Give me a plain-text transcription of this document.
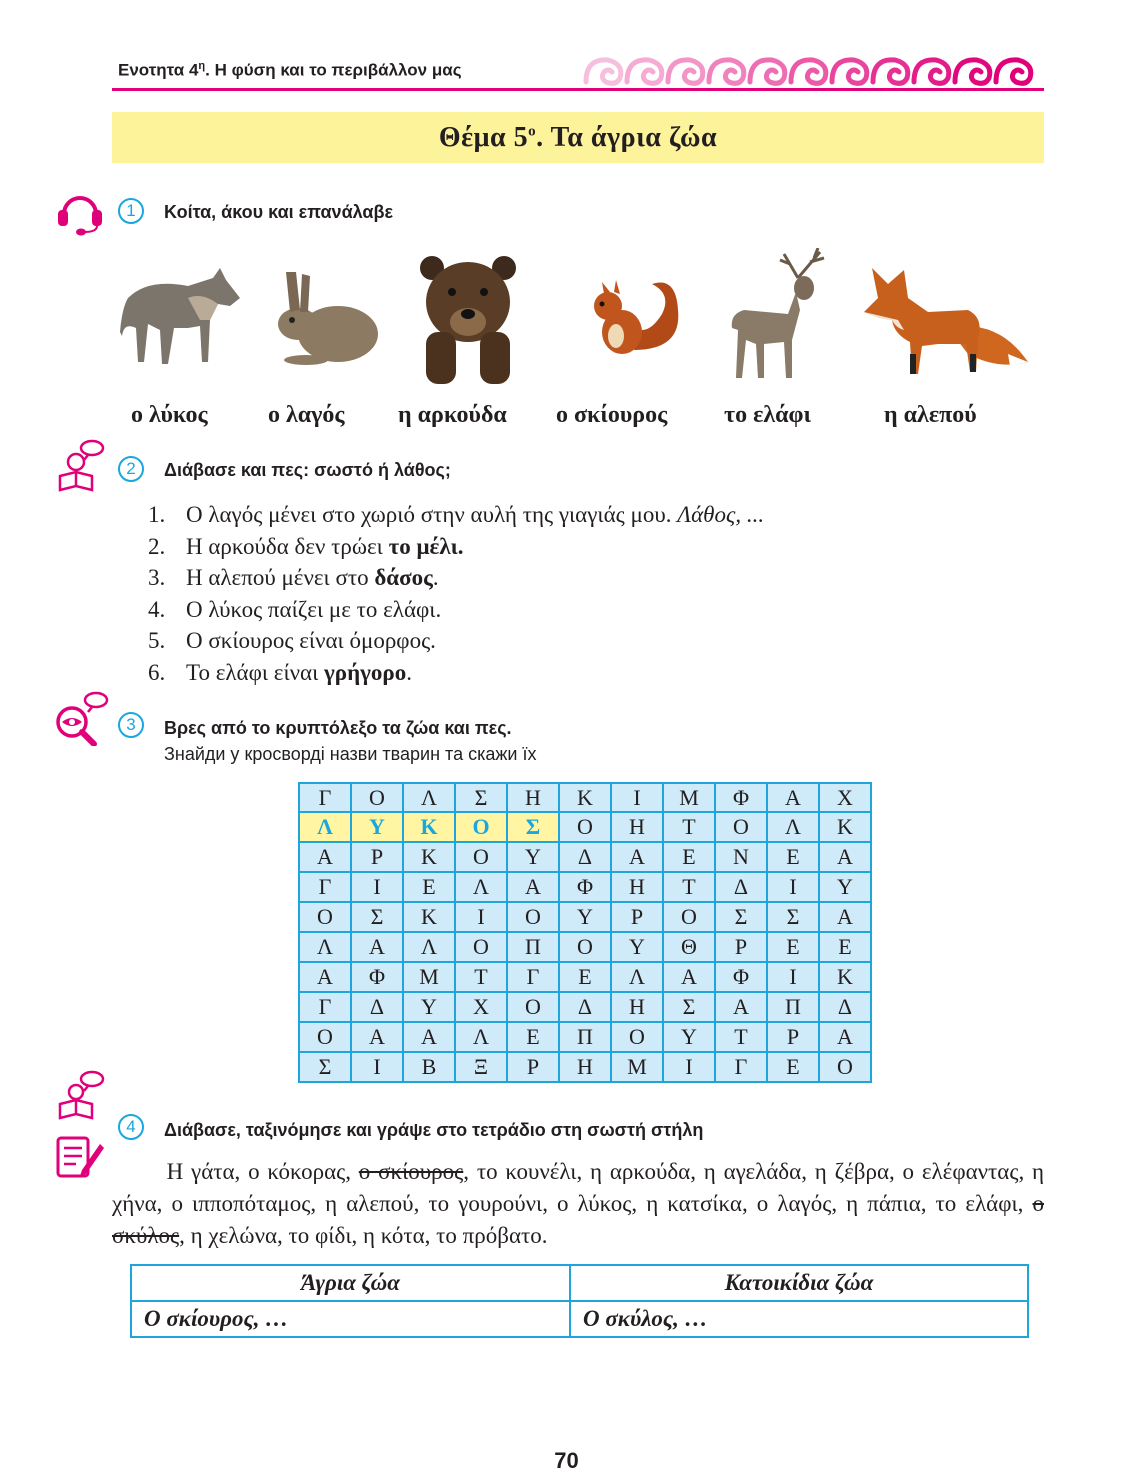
Ενοτητα $4^\eta$. Η φύση και το περιβάλλον μας
Θέμα $5^o$. Τα άγρια ζώα
1	Κοίτα, άκου και επανάλαβε
ο λύκος	ο λαγός η αρκούδα ο σκίουρος το ελάφι	η αλεπού
2	Διάβασε και πες: σωστό ή λάθος;
1. Ο λαγός μένει στο χωριό στην αυλή της γιαγιάς μου. Λάθος, ...
2. Η αρκούδα δεν τρώει το μέλι.
3. Η αλεπού μένει στο δάσος.
4. Ο λύκος παίζει με το ελάφι.
5. Ο σκίουρος είναι όμορφος.
6. Το ελάφι είναι γρήγορο.
3	Βρες από το κρυπτόλεξο τα ζώα και πες.
Знайди у кросворді назви тварин та скажи їх
Γ	Ο	Λ	Σ	Η	Κ	Ι	Μ	Φ	Α	Χ
Λ	Υ	Κ	Ο	Σ	Ο	Η	Τ	Ο	Λ	Κ
Α	Ρ	Κ	Ο	Υ	Δ	Α	Ε	Ν	Ε	Α
Γ	Ι	Ε	Λ	Α	Φ	Η	Τ	Δ	Ι	Υ
Ο	Σ	Κ	Ι	Ο	Υ	Ρ	Ο	Σ	Σ	Α
Λ	Α	Λ	Ο	Π	Ο	Υ	Θ	Ρ	Ε	Ε
Α	Φ	Μ	Τ	Γ	Ε	Λ	Α	Φ	Ι	Κ
Γ	Δ	Υ	Χ	Ο	Δ	Η	Σ	Α	Π	Δ
Ο	Α	Α	Λ	Ε	Π	Ο	Υ	Τ	Ρ	Α
Σ	Ι	Β	Ξ	Ρ	Η	Μ	Ι	Γ	Ε	Ο
4	Διάβασε, ταξινόμησε και γράψε στο τετράδιο στη σωστή στήλη
Η γάτα, ο κόκορας, ο σκίουρος, το κουνέλι, η αρκούδα, η αγελάδα, η ζέβρα, ο ελέφαντας, η χήνα, ο ιπποπόταμος, η αλεπού, το γουρούνι, ο λύκος, η κατσίκα, ο λαγός, η πάπια, το ελάφι, ο σκύλος, η χελώνα, το φίδι, η κότα, το πρόβατο.
Άγρια ζώα	Κατοικίδια ζώα
Ο σκίουρος, …	Ο σκύλος, …
70
